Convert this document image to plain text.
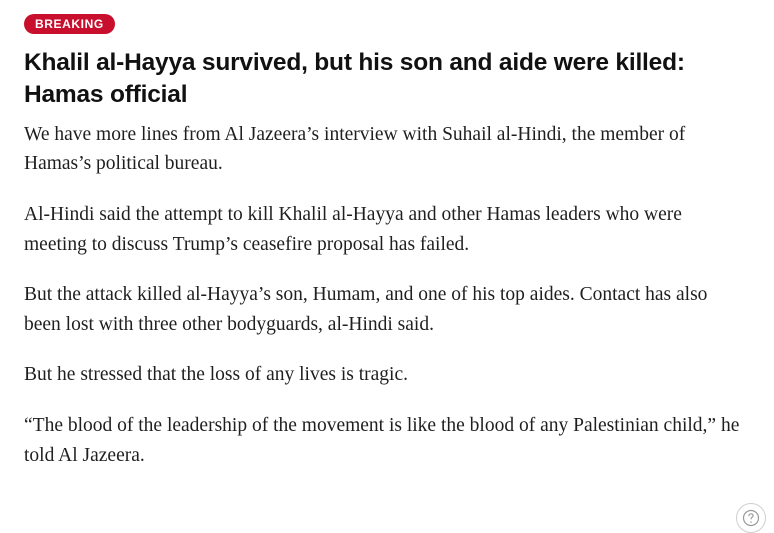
BREAKING
Khalil al-Hayya survived, but his son and aide were killed: Hamas official

We have more lines from Al Jazeera’s interview with Suhail al-Hindi, the member of Hamas’s political bureau.

Al-Hindi said the attempt to kill Khalil al-Hayya and other Hamas leaders who were meeting to discuss Trump’s ceasefire proposal has failed.

But the attack killed al-Hayya’s son, Humam, and one of his top aides. Contact has also been lost with three other bodyguards, al-Hindi said.

But he stressed that the loss of any lives is tragic.

“The blood of the leadership of the movement is like the blood of any Palestinian child,” he told Al Jazeera.
